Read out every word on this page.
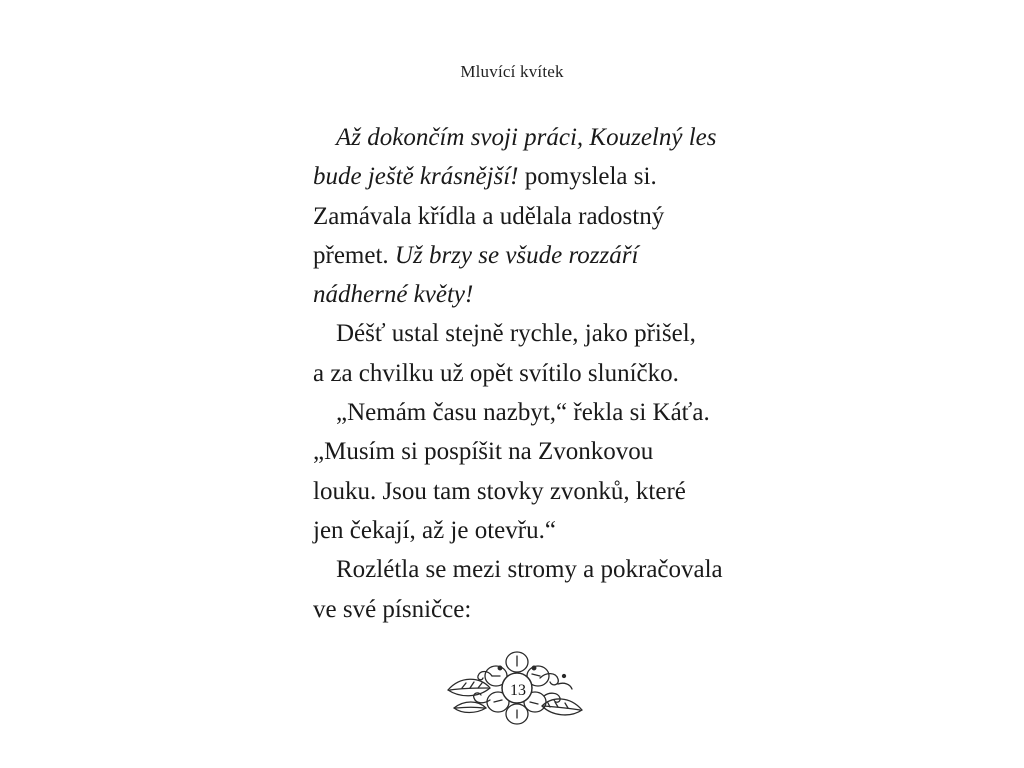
Mluvící kvítek
Až dokončím svoji práci, Kouzelný les
bude ještě krásnější! pomyslela si.
Zamávala křídla a udělala radostný
přemet. Už brzy se všude rozzáří
nádherné květy!
Déšť ustal stejně rychle, jako přišel,
a za chvilku už opět svítilo sluníčko.
„Nemám času nazbyt,“ řekla si Káťa.
„Musím si pospíšit na Zvonkovou
louku. Jsou tam stovky zvonků, které
jen čekají, až je otevřu.“
Rozlétla se mezi stromy a pokračovala
ve své písničce:
13
